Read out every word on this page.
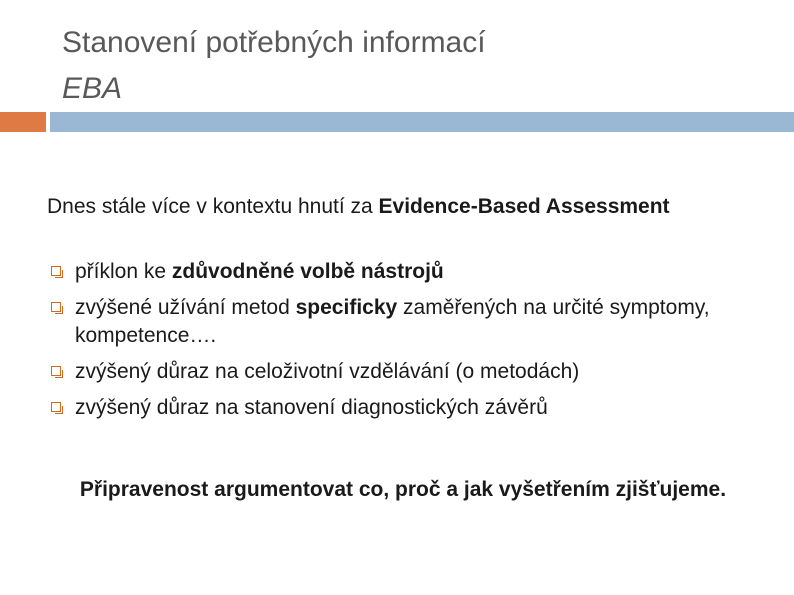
Stanovení potřebných informací
EBA
Dnes stále více v kontextu hnutí za Evidence-Based Assessment
příklon ke zdůvodněné volbě nástrojů
zvýšené užívání metod specificky zaměřených na určité symptomy, kompetence….
zvýšený důraz na celoživotní vzdělávání (o metodách)
zvýšený důraz na stanovení diagnostických závěrů
Připravenost argumentovat co, proč a jak vyšetřením zjišťujeme.
